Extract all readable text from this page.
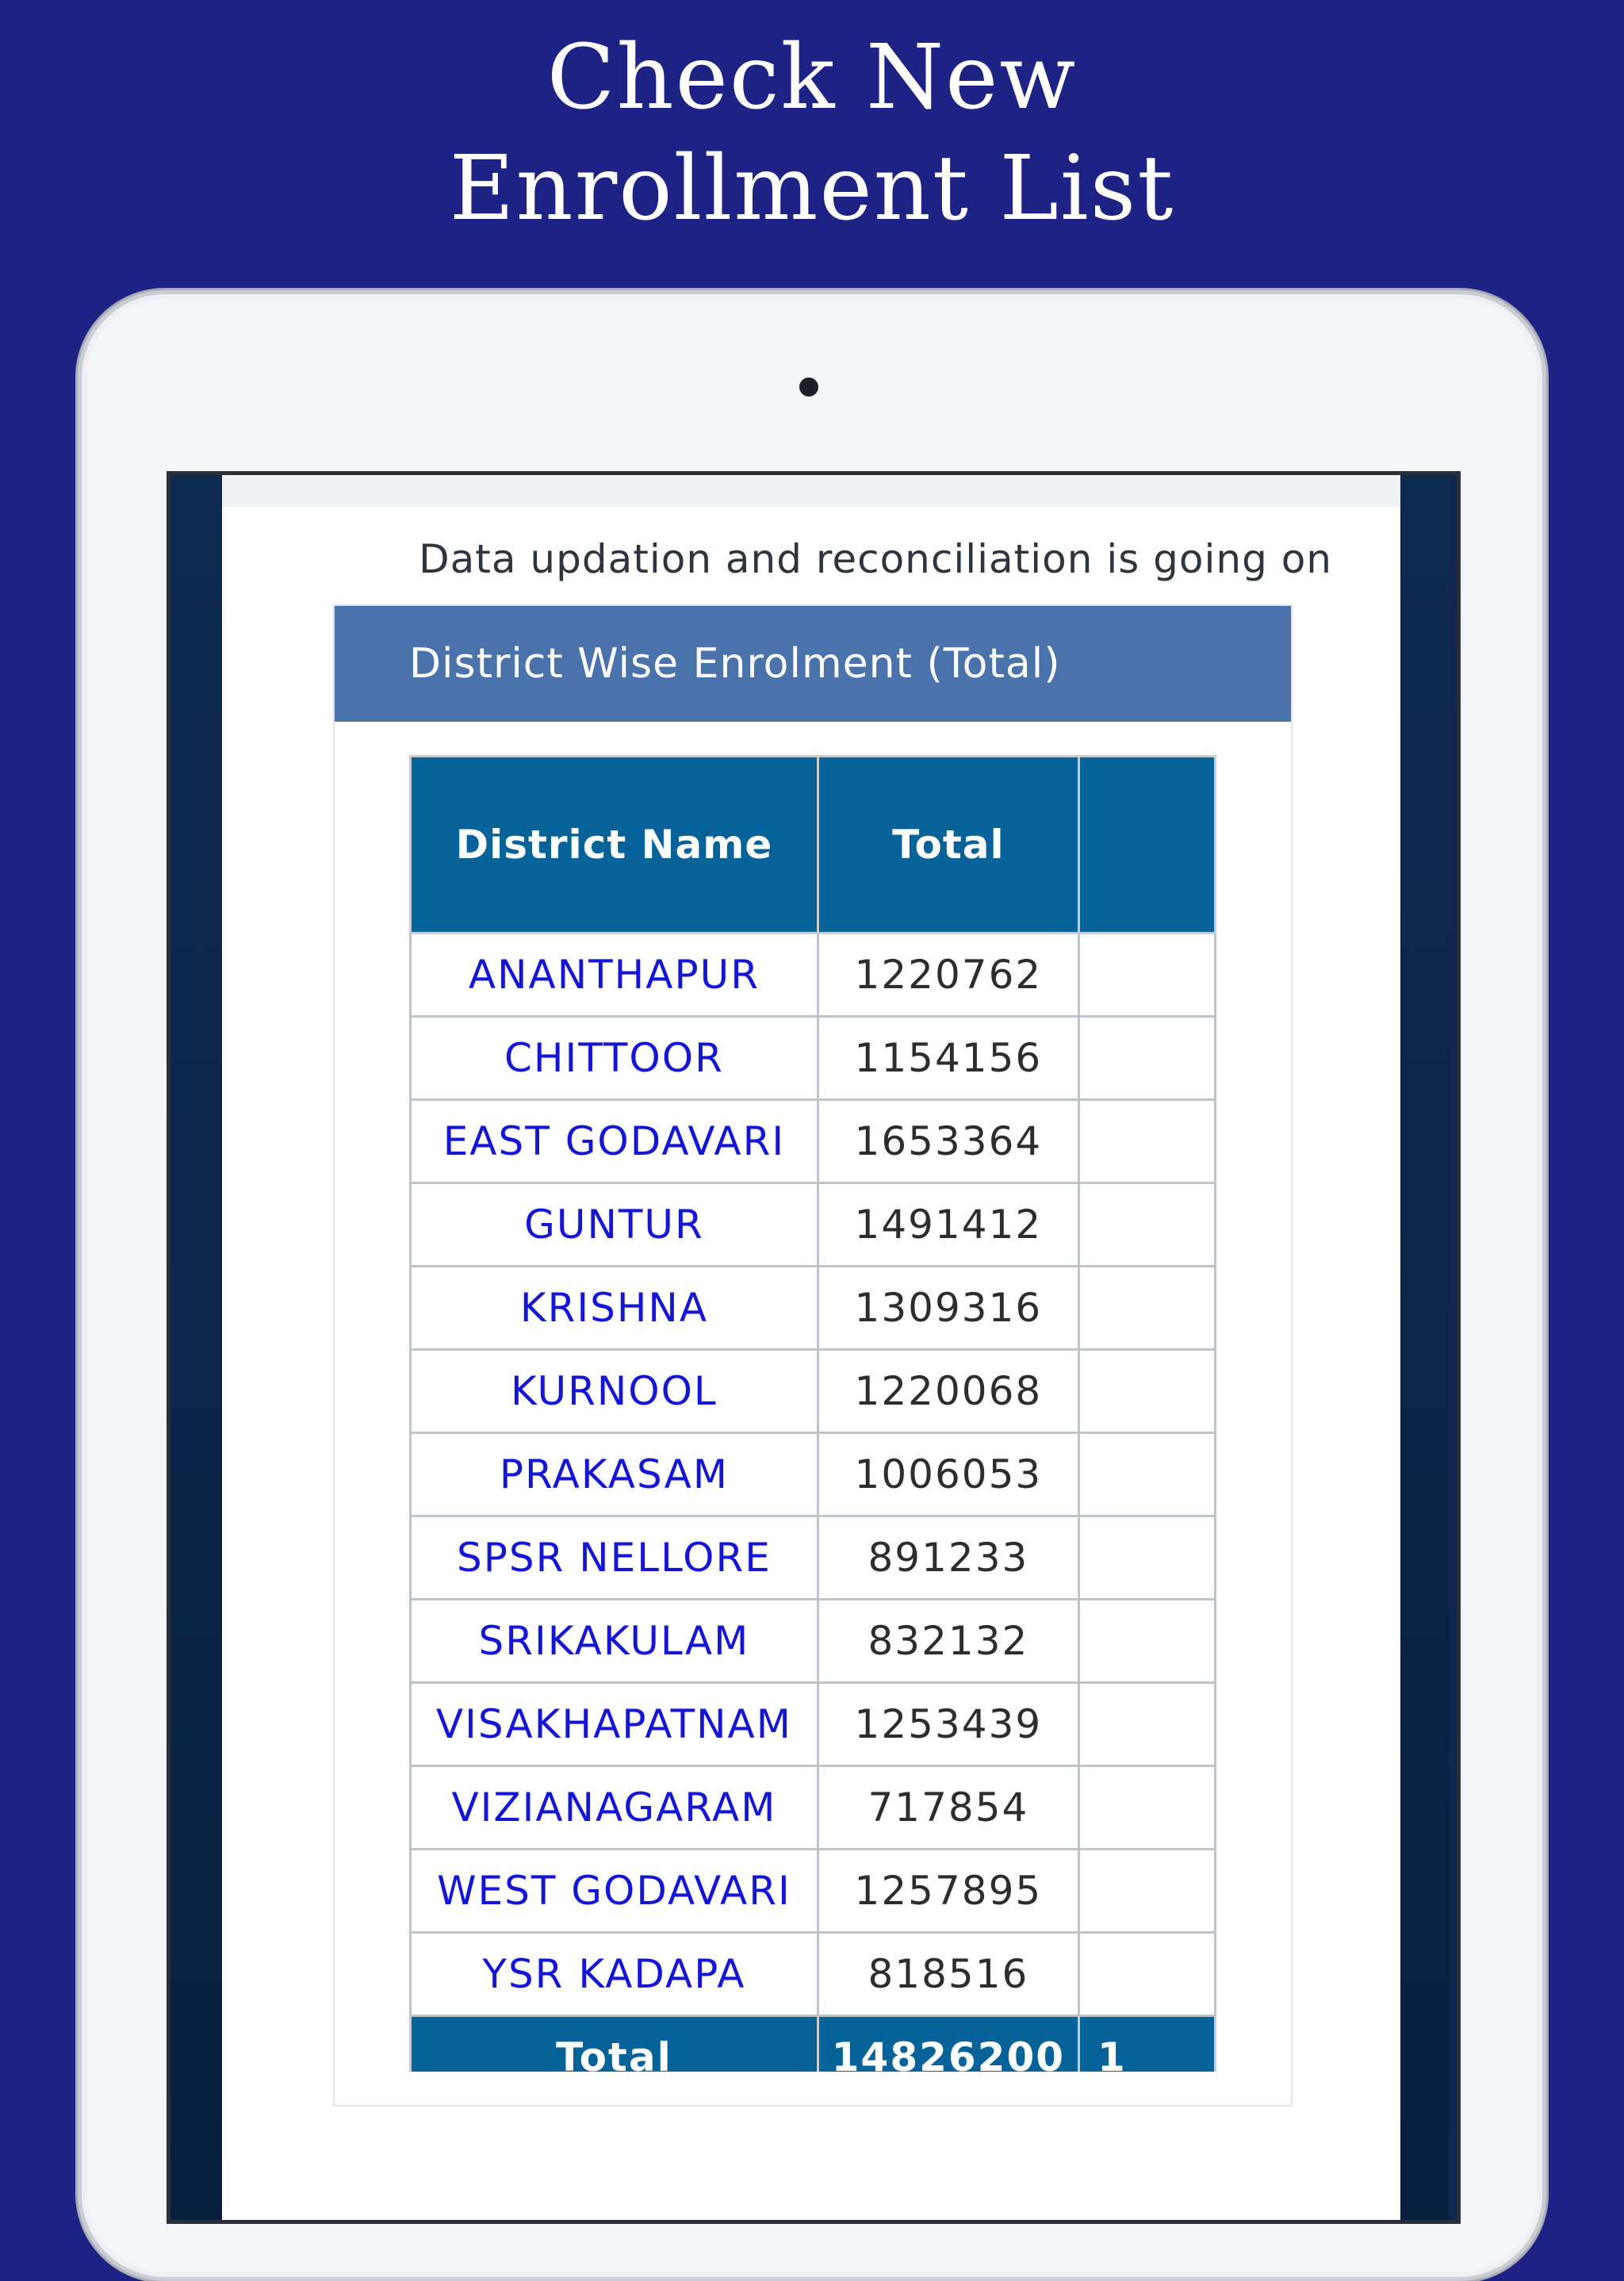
Check New
Enrollment List
Data updation and reconciliation is going on
District Wise Enrolment (Total)
District Name	Total	
ANANTHAPUR	1220762	
CHITTOOR	1154156	
EAST GODAVARI	1653364	
GUNTUR	1491412	
KRISHNA	1309316	
KURNOOL	1220068	
PRAKASAM	1006053	
SPSR NELLORE	891233	
SRIKAKULAM	832132	
VISAKHAPATNAM	1253439	
VIZIANAGARAM	717854	
WEST GODAVARI	1257895	
YSR KADAPA	818516	
Total	14826200	1
